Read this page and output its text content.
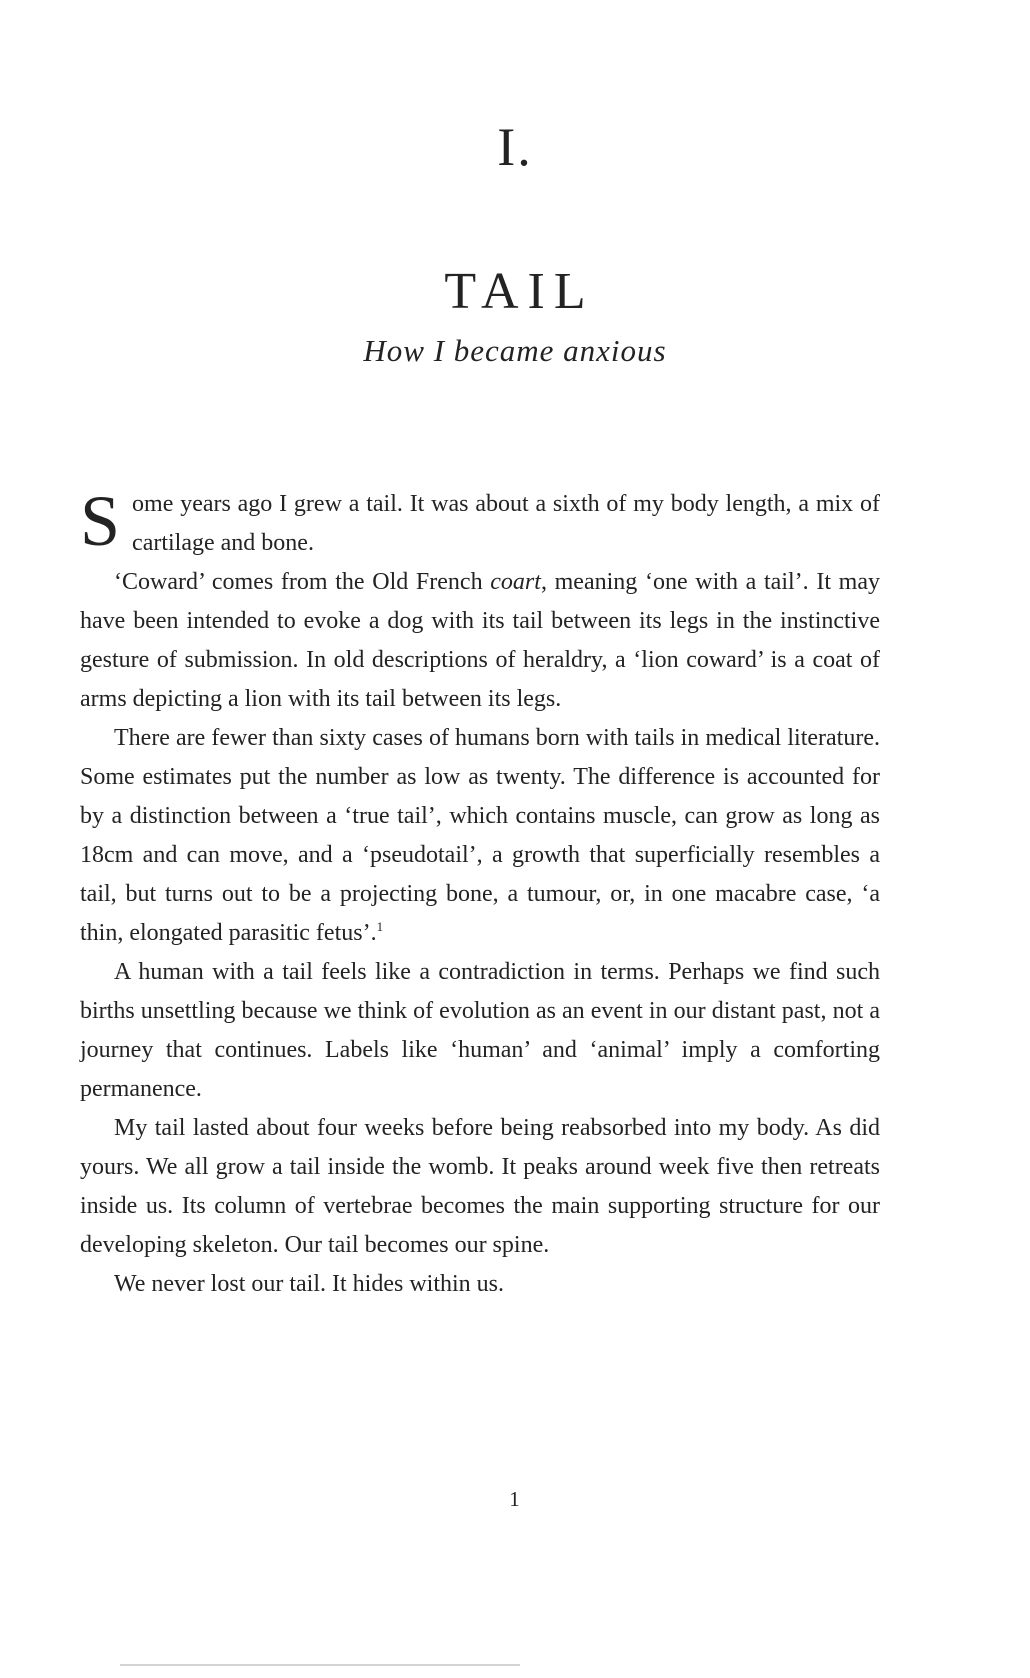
I.
TAIL
How I became anxious

Some years ago I grew a tail. It was about a sixth of my body length, a mix of cartilage and bone.

‘Coward’ comes from the Old French coart, meaning ‘one with a tail’. It may have been intended to evoke a dog with its tail between its legs in the instinctive gesture of submission. In old descriptions of heraldry, a ‘lion coward’ is a coat of arms depicting a lion with its tail between its legs.

There are fewer than sixty cases of humans born with tails in medical literature. Some estimates put the number as low as twenty. The difference is accounted for by a distinction between a ‘true tail’, which contains muscle, can grow as long as 18cm and can move, and a ‘pseudotail’, a growth that superficially resembles a tail, but turns out to be a projecting bone, a tumour, or, in one macabre case, ‘a thin, elongated parasitic fetus’.$^1$

A human with a tail feels like a contradiction in terms. Perhaps we find such births unsettling because we think of evolution as an event in our distant past, not a journey that continues. Labels like ‘human’ and ‘animal’ imply a comforting permanence.

My tail lasted about four weeks before being reabsorbed into my body. As did yours. We all grow a tail inside the womb. It peaks around week five then retreats inside us. Its column of vertebrae becomes the main supporting structure for our developing skeleton. Our tail becomes our spine.

We never lost our tail. It hides within us.

1
